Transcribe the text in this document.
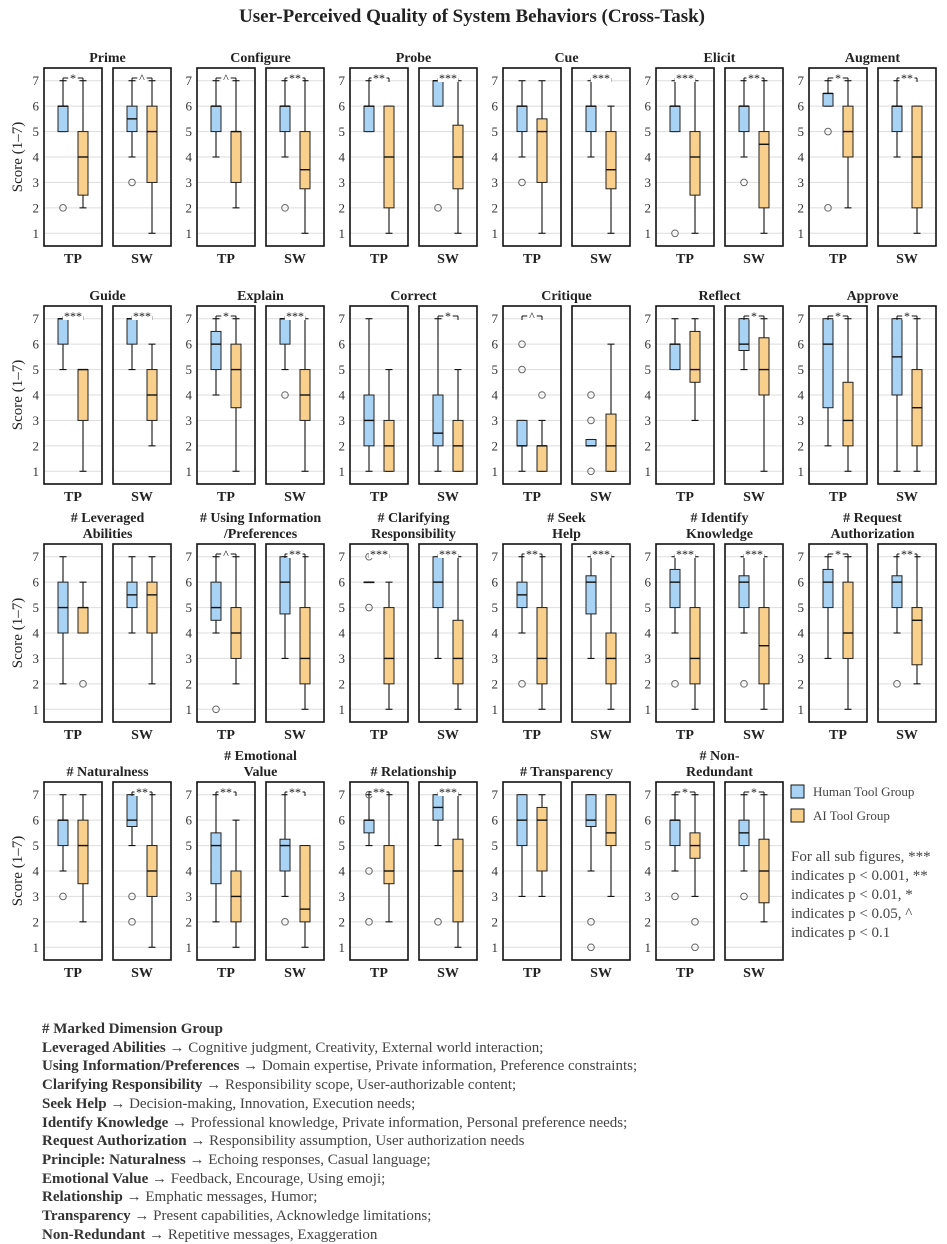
User-Perceived Quality of System Behaviors (Cross-Task)
Prime
1
2
3
4
5
6
7
Score (1–7)
*
TP
^
SW
Configure
1
2
3
4
5
6
7	^
TP
**
SW
Probe
1
2
3
4
5
6
7 **
TP
***
SW
Cue
1
2
3
4
5
6
7
TP
***
SW
Elicit
1
2
3
4
5
6
7 ***
TP
**
SW
Augment
1
2
3
4
5
6
7	*
TP
**
SW
Guide
1
2
3
4
5
6
7
Score (1–7)
***
TP
***
SW
Explain
1
2
3
4
5
6
7	*
TP
***
SW
Correct
1
2
3
4
5
6
7
TP
*
SW
Critique
1
2
3
4
5
6
7	^
TP	SW
Reflect
1
2
3
4
5
6
7
TP
*
SW
Approve
1
2
3
4
5
6
7	*
TP
*
SW
# Leveraged
Abilities
1
2
3
4
5
6
7
Score (1–7)
TP	SW
# Using Information
/Preferences
1
2
3
4
5
6
7	^
TP
**
SW
# Clarifying
Responsibility
1
2
3
4
5
6
7 ***
TP
***
SW
# Seek
Help
1
2
3
4
5
6
7 **
TP
***
SW
# Identify
Knowledge
1
2
3
4
5
6
7 ***
TP
***
SW
# Request
Authorization
1
2
3
4
5
6
7	*
TP
**
SW
# Naturalness
1
2
3
4
5
6
7
Score (1–7)
TP
**
SW
# Emotional
Value
1
2
3
4
5
6
7 **
TP
**
SW
# Relationship
1
2
3
4
5
6
7 **
TP
***
SW
# Transparency
1
2
3
4
5
6
7
TP	SW
# Non-
Redundant
1
2
3
4
5
6
7	*
TP
*
SW
Human Tool Group
AI Tool Group
For all sub figures, *** indicates p < 0.001, ** indicates p < 0.01, * indicates p < 0.05, ^ indicates p < 0.1
# Marked Dimension Group
Leveraged Abilities → Cognitive judgment, Creativity, External world interaction;
Using Information/Preferences → Domain expertise, Private information, Preference constraints;
Clarifying Responsibility → Responsibility scope, User-authorizable content;
Seek Help → Decision-making, Innovation, Execution needs;
Identify Knowledge → Professional knowledge, Private information, Personal preference needs;
Request Authorization → Responsibility assumption, User authorization needs
Principle: Naturalness → Echoing responses, Casual language;
Emotional Value → Feedback, Encourage, Using emoji;
Relationship → Emphatic messages, Humor;
Transparency → Present capabilities, Acknowledge limitations;
Non-Redundant → Repetitive messages, Exaggeration
